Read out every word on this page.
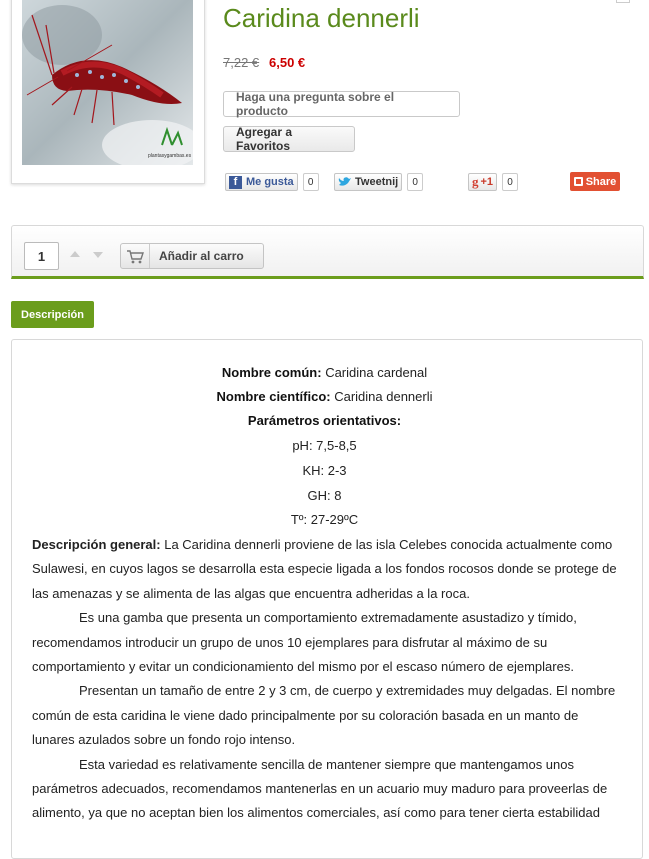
plantasygambas.es
Caridina dennerli
7,22 € 6,50 €
Haga una pregunta sobre el producto
Agregar a Favoritos
f Me gusta	0	Tweetnij	0	g +1	0	Share
1	Añadir al carro
Descripción
Nombre común: Caridina cardenal
Nombre científico: Caridina dennerli
Parámetros orientativos:
pH: 7,5-8,5
KH: 2-3
GH: 8
Tº: 27-29ºC

Descripción general: La Caridina dennerli proviene de las isla Celebes conocida actualmente como Sulawesi, en cuyos lagos se desarrolla esta especie ligada a los fondos rocosos donde se protege de las amenazas y se alimenta de las algas que encuentra adheridas a la roca.

Es una gamba que presenta un comportamiento extremadamente asustadizo y tímido, recomendamos introducir un grupo de unos 10 ejemplares para disfrutar al máximo de su comportamiento y evitar un condicionamiento del mismo por el escaso número de ejemplares.

Presentan un tamaño de entre 2 y 3 cm, de cuerpo y extremidades muy delgadas. El nombre común de esta caridina le viene dado principalmente por su coloración basada en un manto de lunares azulados sobre un fondo rojo intenso.

Esta variedad es relativamente sencilla de mantener siempre que mantengamos unos parámetros adecuados, recomendamos mantenerlas en un acuario muy maduro para proveerlas de alimento, ya que no aceptan bien los alimentos comerciales, así como para tener cierta estabilidad
